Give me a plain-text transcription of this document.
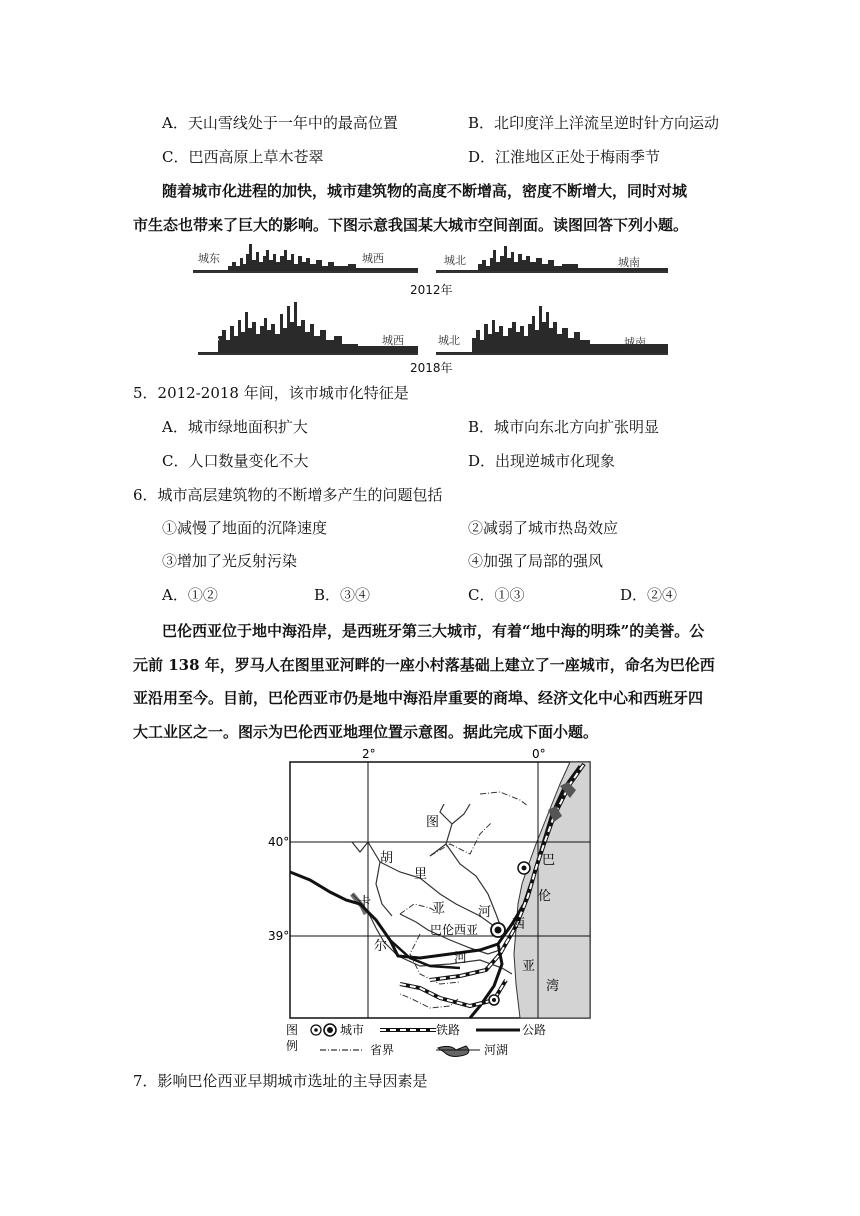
A．天山雪线处于一年中的最高位置	B．北印度洋上洋流呈逆时针方向运动
C．巴西高原上草木苍翠	D．江淮地区正处于梅雨季节
随着城市化进程的加快，城市建筑物的高度不断增高，密度不断增大，同时对城
市生态也带来了巨大的影响。下图示意我国某大城市空间剖面。读图回答下列小题。
城东	城西	城北	城南
2012年
城东	城西	城北	城南
2018年
5．2012-2018 年间，该市城市化特征是
A．城市绿地面积扩大	B．城市向东北方向扩张明显
C．人口数量变化不大	D．出现逆城市化现象
6．城市高层建筑物的不断增多产生的问题包括
①减慢了地面的沉降速度	②减弱了城市热岛效应
③增加了光反射污染	④加强了局部的强风
A．①②	B．③④	C．①③	D．②④
巴伦西亚位于地中海沿岸，是西班牙第三大城市，有着“地中海的明珠”的美誉。公
元前 138 年，罗马人在图里亚河畔的一座小村落基础上建立了一座城市，命名为巴伦西
亚沿用至今。目前，巴伦西亚市仍是地中海沿岸重要的商埠、经济文化中心和西班牙四
大工业区之一。图示为巴伦西亚地理位置示意图。据此完成下面小题。
2°	0°
40°
39°
图
里
亚	河
胡
卡
尔
河
巴
伦
西
亚
湾
巴伦西亚
图
例
城市	铁路	公路
省界	河湖
7．影响巴伦西亚早期城市选址的主导因素是
